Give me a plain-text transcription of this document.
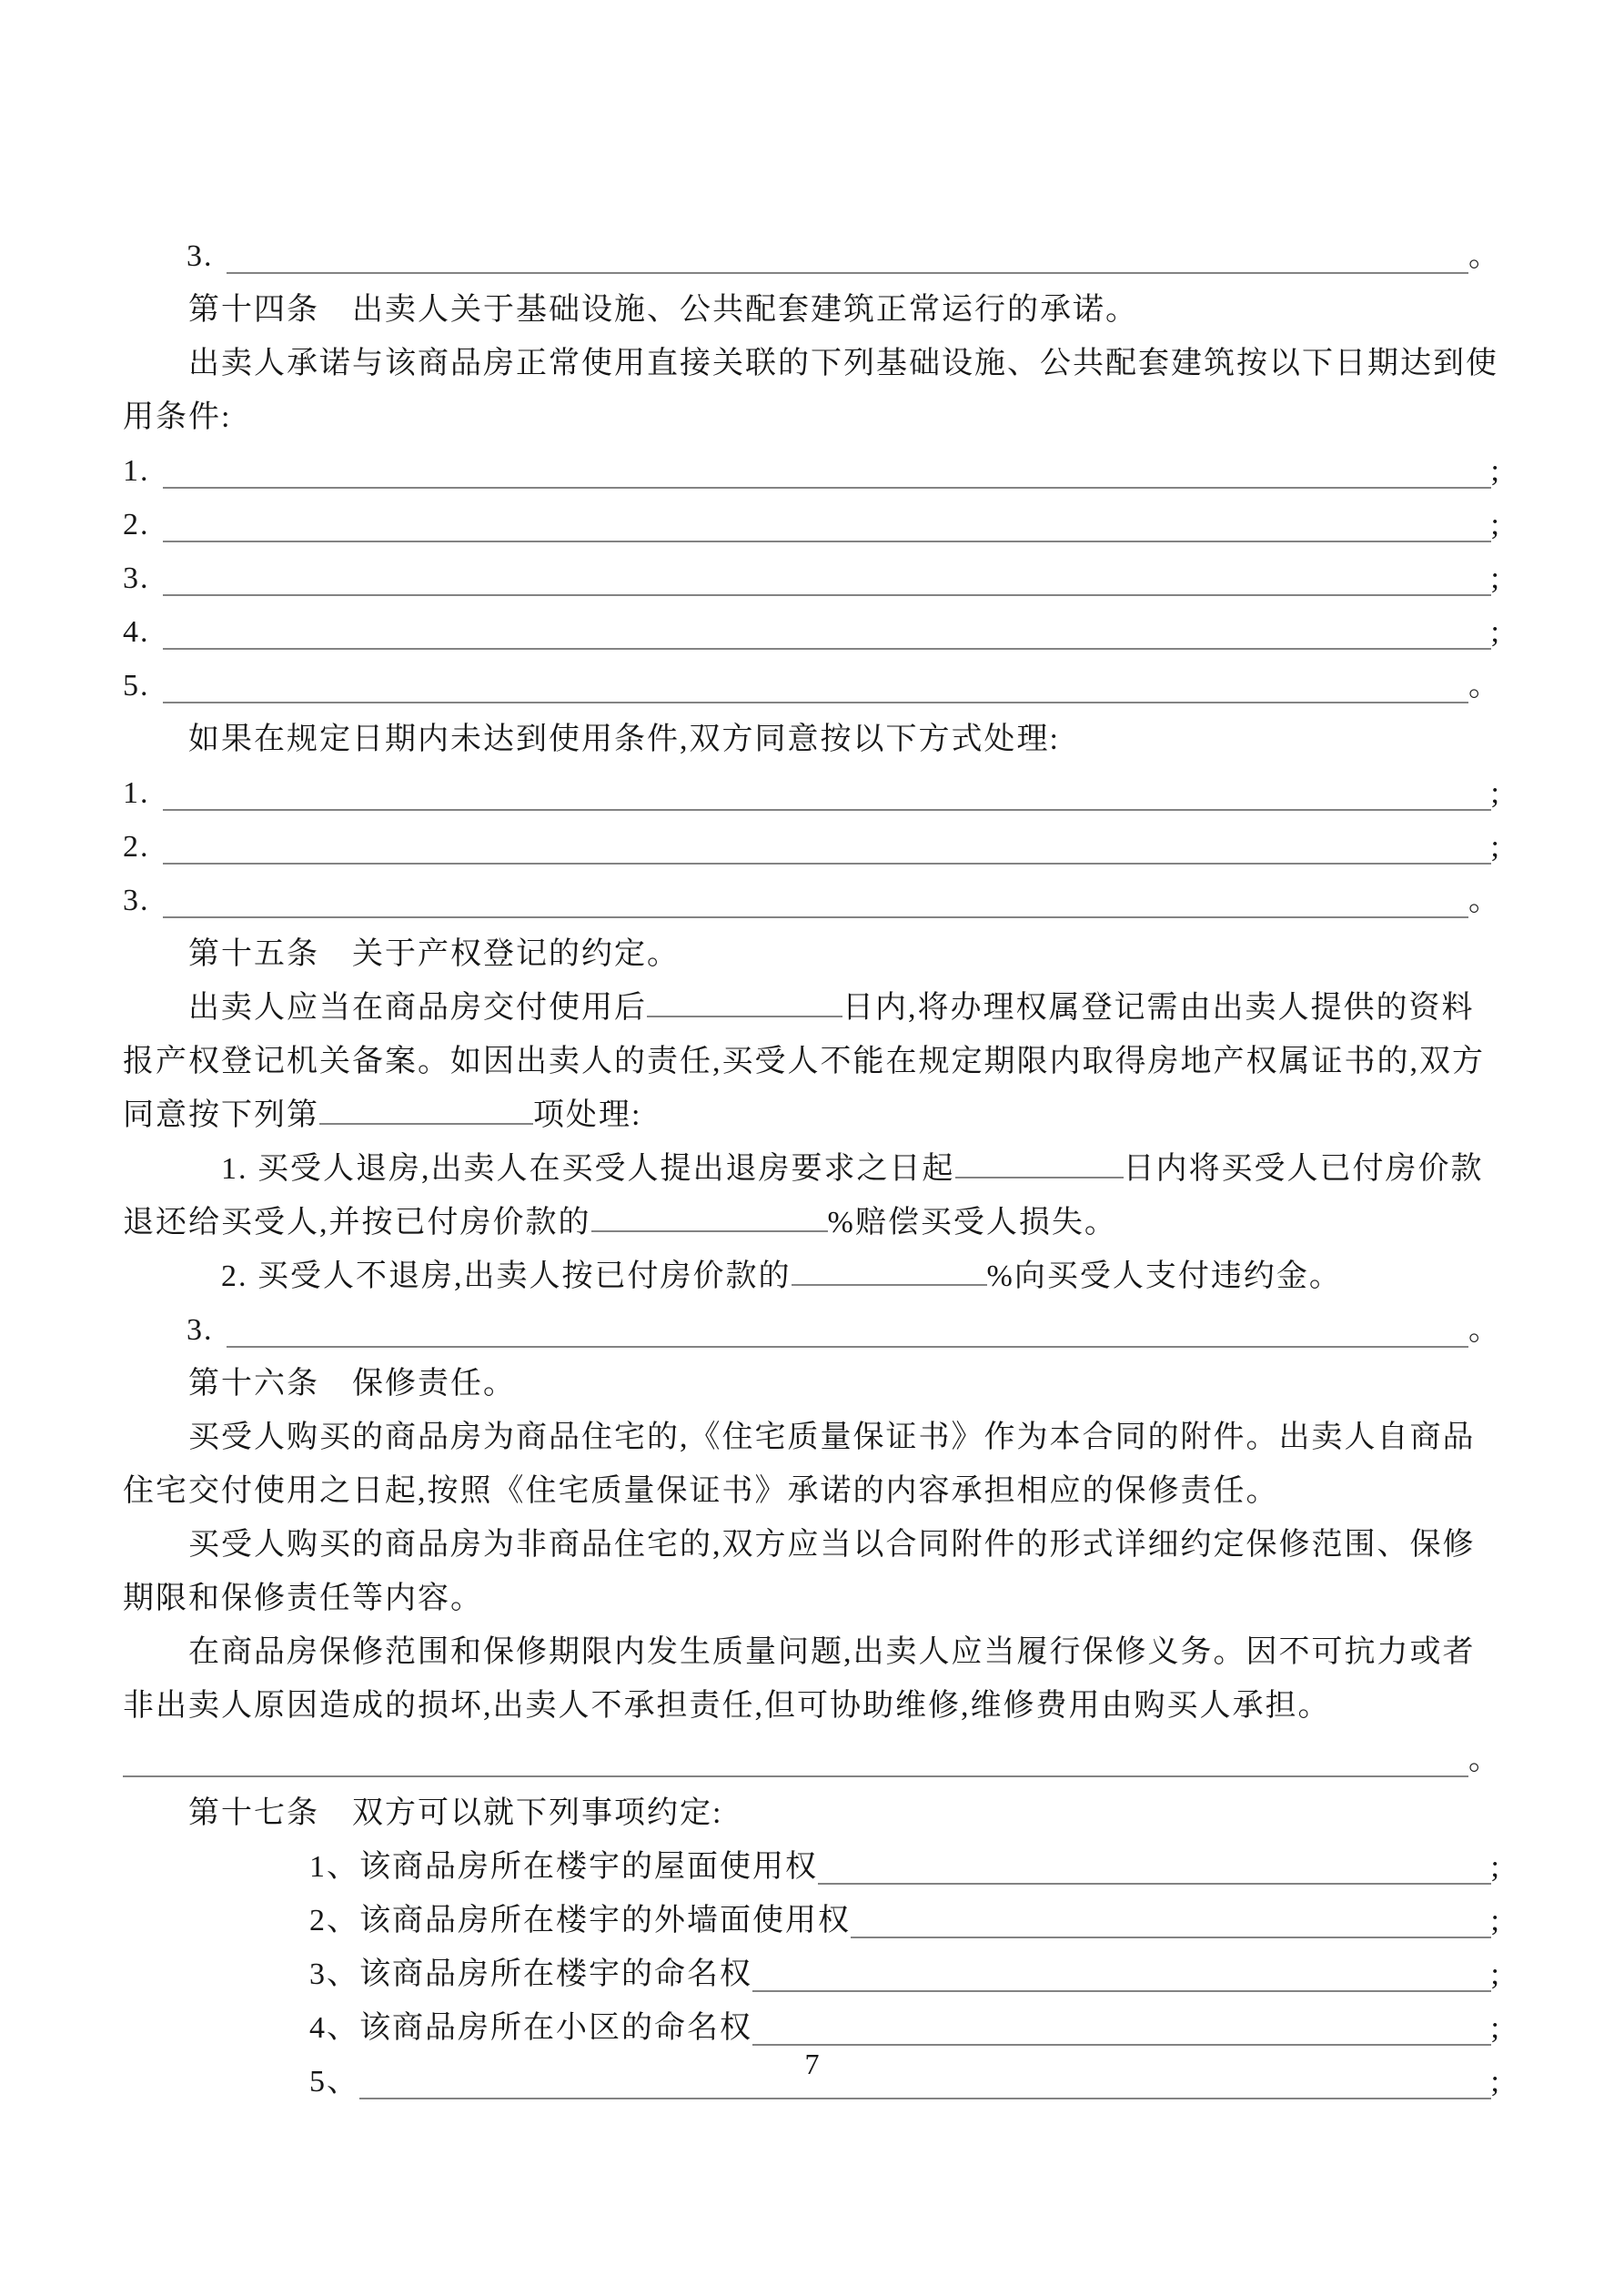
3.	。

第十四条　出卖人关于基础设施、公共配套建筑正常运行的承诺。

出卖人承诺与该商品房正常使用直接关联的下列基础设施、公共配套建筑按以下日期达到使用条件:

1.	;
2.	;
3.	;
4.	;
5.	。

如果在规定日期内未达到使用条件,双方同意按以下方式处理:

1.	;
2.	;
3.	。

第十五条　关于产权登记的约定。

出卖人应当在商品房交付使用后	日内,将办理权属登记需由出卖人提供的资料报产权登记机关备案。如因出卖人的责任,买受人不能在规定期限内取得房地产权属证书的,双方同意按下列第	项处理:

1. 买受人退房,出卖人在买受人提出退房要求之日起	日内将买受人已付房价款退还给买受人,并按已付房价款的	%赔偿买受人损失。

2. 买受人不退房,出卖人按已付房价款的	%向买受人支付违约金。

3.	。

第十六条　保修责任。

买受人购买的商品房为商品住宅的,《住宅质量保证书》作为本合同的附件。出卖人自商品住宅交付使用之日起,按照《住宅质量保证书》承诺的内容承担相应的保修责任。

买受人购买的商品房为非商品住宅的,双方应当以合同附件的形式详细约定保修范围、保修期限和保修责任等内容。

在商品房保修范围和保修期限内发生质量问题,出卖人应当履行保修义务。因不可抗力或者非出卖人原因造成的损坏,出卖人不承担责任,但可协助维修,维修费用由购买人承担。

。

第十七条　双方可以就下列事项约定:

1、该商品房所在楼宇的屋面使用权	;
2、该商品房所在楼宇的外墙面使用权	;
3、该商品房所在楼宇的命名权	;
4、该商品房所在小区的命名权	;
5、	;
7
